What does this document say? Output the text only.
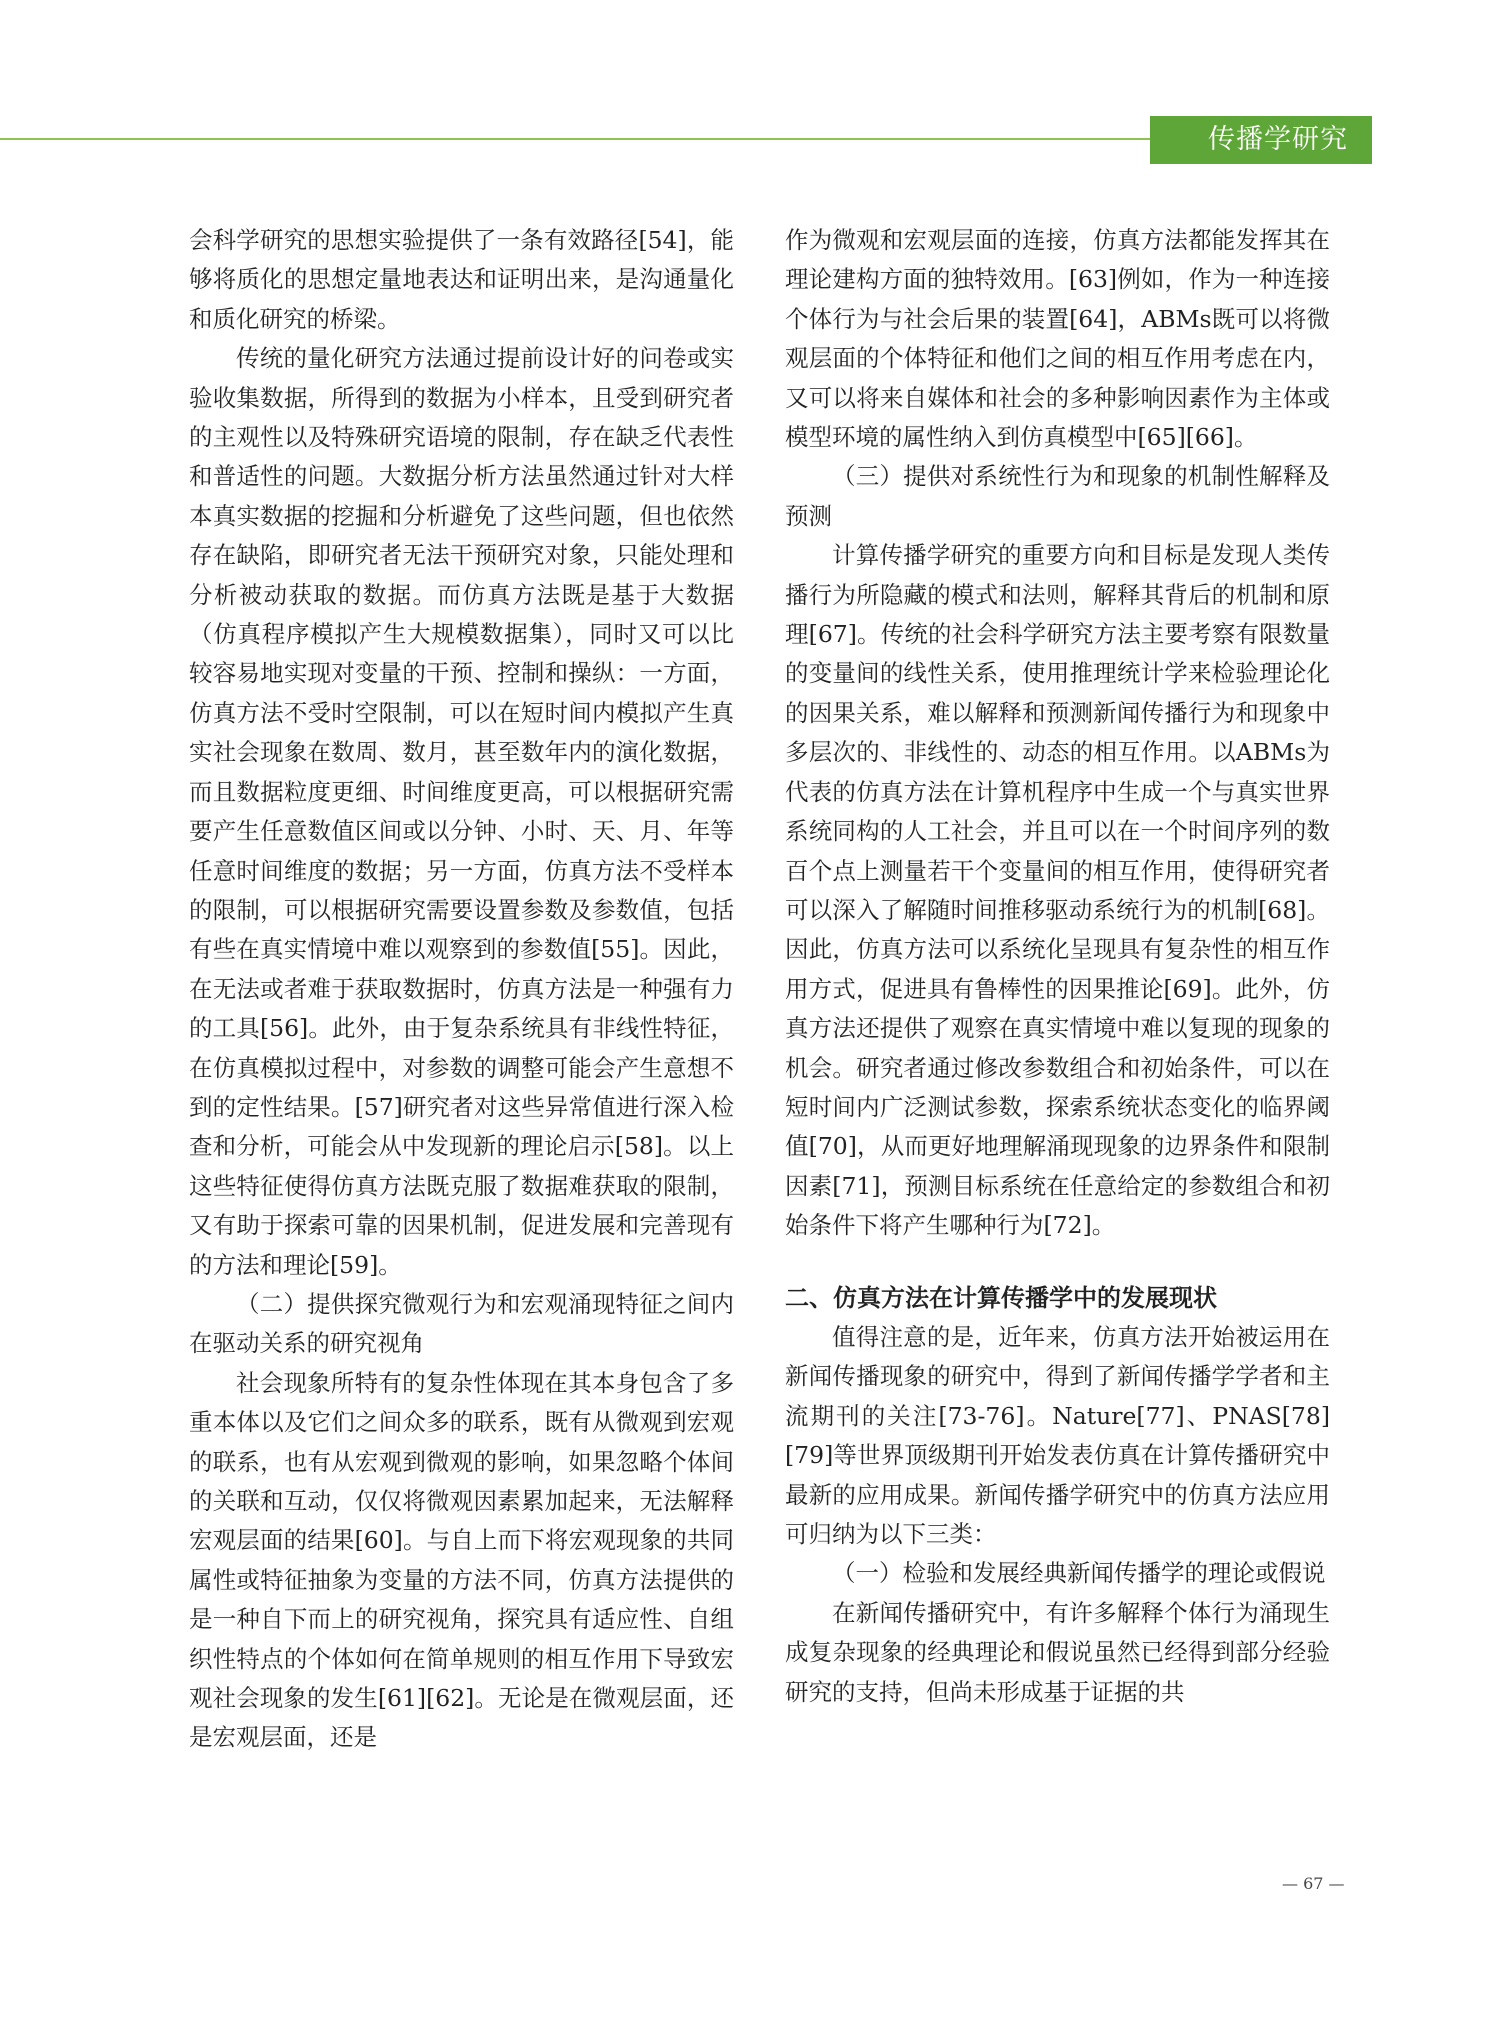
传播学研究

会科学研究的思想实验提供了一条有效路径[54]，能够将质化的思想定量地表达和证明出来，是沟通量化和质化研究的桥梁。

传统的量化研究方法通过提前设计好的问卷或实验收集数据，所得到的数据为小样本，且受到研究者的主观性以及特殊研究语境的限制，存在缺乏代表性和普适性的问题。大数据分析方法虽然通过针对大样本真实数据的挖掘和分析避免了这些问题，但也依然存在缺陷，即研究者无法干预研究对象，只能处理和分析被动获取的数据。而仿真方法既是基于大数据（仿真程序模拟产生大规模数据集），同时又可以比较容易地实现对变量的干预、控制和操纵：一方面，仿真方法不受时空限制，可以在短时间内模拟产生真实社会现象在数周、数月，甚至数年内的演化数据，而且数据粒度更细、时间维度更高，可以根据研究需要产生任意数值区间或以分钟、小时、天、月、年等任意时间维度的数据；另一方面，仿真方法不受样本的限制，可以根据研究需要设置参数及参数值，包括有些在真实情境中难以观察到的参数值[55]。因此，在无法或者难于获取数据时，仿真方法是一种强有力的工具[56]。此外，由于复杂系统具有非线性特征，在仿真模拟过程中，对参数的调整可能会产生意想不到的定性结果。[57]研究者对这些异常值进行深入检查和分析，可能会从中发现新的理论启示[58]。以上这些特征使得仿真方法既克服了数据难获取的限制，又有助于探索可靠的因果机制，促进发展和完善现有的方法和理论[59]。

（二）提供探究微观行为和宏观涌现特征之间内在驱动关系的研究视角

社会现象所特有的复杂性体现在其本身包含了多重本体以及它们之间众多的联系，既有从微观到宏观的联系，也有从宏观到微观的影响，如果忽略个体间的关联和互动，仅仅将微观因素累加起来，无法解释宏观层面的结果[60]。与自上而下将宏观现象的共同属性或特征抽象为变量的方法不同，仿真方法提供的是一种自下而上的研究视角，探究具有适应性、自组织性特点的个体如何在简单规则的相互作用下导致宏观社会现象的发生[61][62]。无论是在微观层面，还是宏观层面，还是

作为微观和宏观层面的连接，仿真方法都能发挥其在理论建构方面的独特效用。[63]例如，作为一种连接个体行为与社会后果的装置[64]，ABMs既可以将微观层面的个体特征和他们之间的相互作用考虑在内，又可以将来自媒体和社会的多种影响因素作为主体或模型环境的属性纳入到仿真模型中[65][66]。

（三）提供对系统性行为和现象的机制性解释及预测

计算传播学研究的重要方向和目标是发现人类传播行为所隐藏的模式和法则，解释其背后的机制和原理[67]。传统的社会科学研究方法主要考察有限数量的变量间的线性关系，使用推理统计学来检验理论化的因果关系，难以解释和预测新闻传播行为和现象中多层次的、非线性的、动态的相互作用。以ABMs为代表的仿真方法在计算机程序中生成一个与真实世界系统同构的人工社会，并且可以在一个时间序列的数百个点上测量若干个变量间的相互作用，使得研究者可以深入了解随时间推移驱动系统行为的机制[68]。因此，仿真方法可以系统化呈现具有复杂性的相互作用方式，促进具有鲁棒性的因果推论[69]。此外，仿真方法还提供了观察在真实情境中难以复现的现象的机会。研究者通过修改参数组合和初始条件，可以在短时间内广泛测试参数，探索系统状态变化的临界阈值[70]，从而更好地理解涌现现象的边界条件和限制因素[71]，预测目标系统在任意给定的参数组合和初始条件下将产生哪种行为[72]。

二、仿真方法在计算传播学中的发展现状

值得注意的是，近年来，仿真方法开始被运用在新闻传播现象的研究中，得到了新闻传播学学者和主流期刊的关注[73-76]。Nature[77]、PNAS[78][79]等世界顶级期刊开始发表仿真在计算传播研究中最新的应用成果。新闻传播学研究中的仿真方法应用可归纳为以下三类：

（一）检验和发展经典新闻传播学的理论或假说

在新闻传播研究中，有许多解释个体行为涌现生成复杂现象的经典理论和假说虽然已经得到部分经验研究的支持，但尚未形成基于证据的共

— 67 —
